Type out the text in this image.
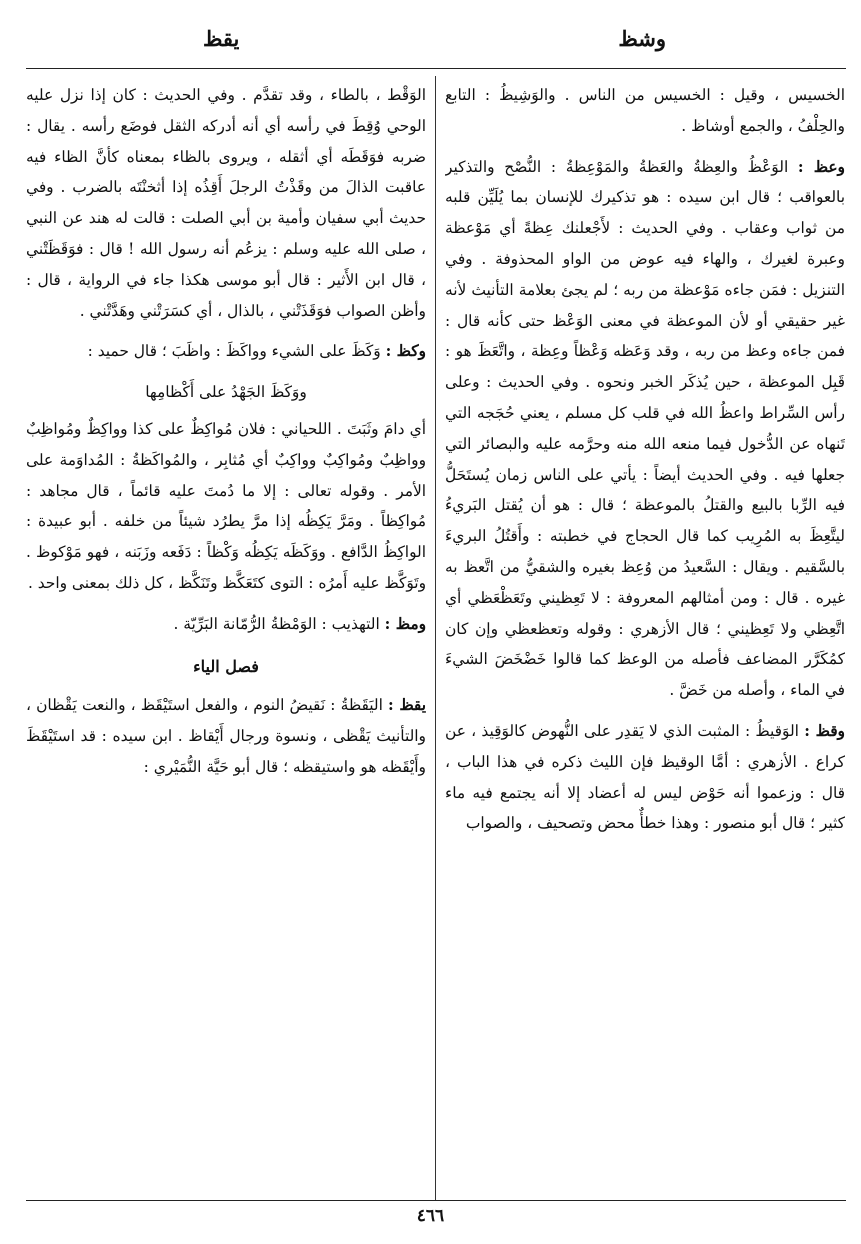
وشظ
يقظ

الخسيس ، وقيل : الخسيس من الناس . والوَشِيظُ : التابع والحِلْفُ ، والجمع أوشاظ .

وعظ : الوَعْظُ والعِظةُ والعَظةُ والمَوْعِظةُ : النُّصْح والتذكير بالعواقب ؛ قال ابن سيده : هو تذكيرك للإنسان بما يُلَيِّن قلبه من ثواب وعقاب . وفي الحديث : لأَجْعلنك عِظةً أي مَوْعظة وعبرة لغيرك ، والهاء فيه عوض من الواو المحذوفة . وفي التنزيل : فمَن جاءه مَوْعظة من ربه ؛ لم يجئ بعلامة التأنيث لأنه غير حقيقي أو لأن الموعظة في معنى الوَعْظ حتى كأنه قال : فمن جاءه وعظ من ربه ، وقد وَعَظه وَعْظاً وعِظة ، واتَّعَظَ هو : قَبِل الموعظة ، حين يُذكَر الخبر ونحوه . وفي الحديث : وعلى رأس السِّراط واعظُ الله في قلب كل مسلم ، يعني حُجَجه التي تَنهاه عن الدُّخول فيما منعه الله منه وحرَّمه عليه والبصائر التي جعلها فيه . وفي الحديث أيضاً : يأتي على الناس زمان يُستَحَلُّ فيه الرِّبا بالبيع والقتلُ بالموعظة ؛ قال : هو أن يُقتل البَريءُ ليتَّعِظَ به المُرِيب كما قال الحجاج في خطبته : وأَقتُلُ البريءَ بالسَّقيم . ويقال : السَّعيدُ من وُعِظ بغيره والشقيُّ من اتَّعظ به غيره . قال : ومن أمثالهم المعروفة : لا تَعِظيني وتَعَظْعَظي أي اتَّعِظي ولا تَعِظيني ؛ قال الأزهري : وقوله وتعظعظي وإن كان كمُكَرَّر المضاعف فأصله من الوعظ كما قالوا خَضْخَضَ الشيءَ في الماء ، وأصله من خَضَّ .

وقظ : الوَقيظُ : المثبت الذي لا يَقدِر على النُّهوض كالوَقِيذ ، عن كراع . الأزهري : أمَّا الوقيظ فإن الليث ذكره في هذا الباب ، قال : وزعموا أنه حَوْض ليس له أعضاد إلا أنه يجتمع فيه ماء كثير ؛ قال أبو منصور : وهذا خطأٌ محض وتصحيف ، والصواب

الوَقْط ، بالطاء ، وقد تقدَّم . وفي الحديث : كان إذا نزل عليه الوحي وُقِطَ في رأسه أي أنه أدركه الثقل فوضَع رأسه . يقال : ضربه فوَقَطَه أي أثقله ، ويروى بالظاء بمعناه كأنَّ الظاء فيه عاقبت الذالَ من وقَذْتُ الرجلَ أَقِذُه إذا أثخنْتَه بالضرب . وفي حديث أبي سفيان وأمية بن أبي الصلت : قالت له هند عن النبي ، صلى الله عليه وسلم : يزعُم أنه رسول الله ! قال : فوَقَظَتْني ، قال ابن الأَثير : قال أبو موسى هكذا جاء في الرواية ، قال : وأظن الصواب فوَقَذَتْني ، بالذال ، أي كسَرَتْني وهَدَّتْني .

وكظ : وَكَظَ على الشيء وواكَظَ : واظَبَ ؛ قال حميد :

ووَكَظَ الجَهْدُ على أَكْظامِها

أي دامَ وثَبَتَ . اللحياني : فلان مُواكِظٌ على كذا وواكِظٌ ومُواظِبٌ وواظِبٌ ومُواكِبٌ وواكِبٌ أي مُثابِر ، والمُواكَظةُ : المُداوَمة على الأمر . وقوله تعالى : إلا ما دُمتَ عليه قائماً ، قال مجاهد : مُواكِظاً . ومَرَّ يَكِظُه إذا مرَّ يطرُد شيئاً من خلفه . أبو عبيدة : الواكِظُ الدَّافع . ووَكَظَه يَكِظُه وَكْظاً : دَفَعه وزَبَنه ، فهو مَوْكوظ . وتَوَكَّظ عليه أَمرُه : التوى كتَعَكَّظ وتَنَكَّظ ، كل ذلك بمعنى واحد .

ومظ : التهذيب : الوَمْظةُ الرُّمّانة البَرِّيّة .

فصل الياء

يقظ : اليَقَظةُ : نَقيضُ النوم ، والفعل استَيْقَظ ، والنعت يَقْظان ، والتأنيث يَقْظى ، ونسوة ورجال أَيْقاظ . ابن سيده : قد استَيْقَظَ وأَيْقَظه هو واستيقظه ؛ قال أبو حَيَّة النُّمَيْري :

٤٦٦
